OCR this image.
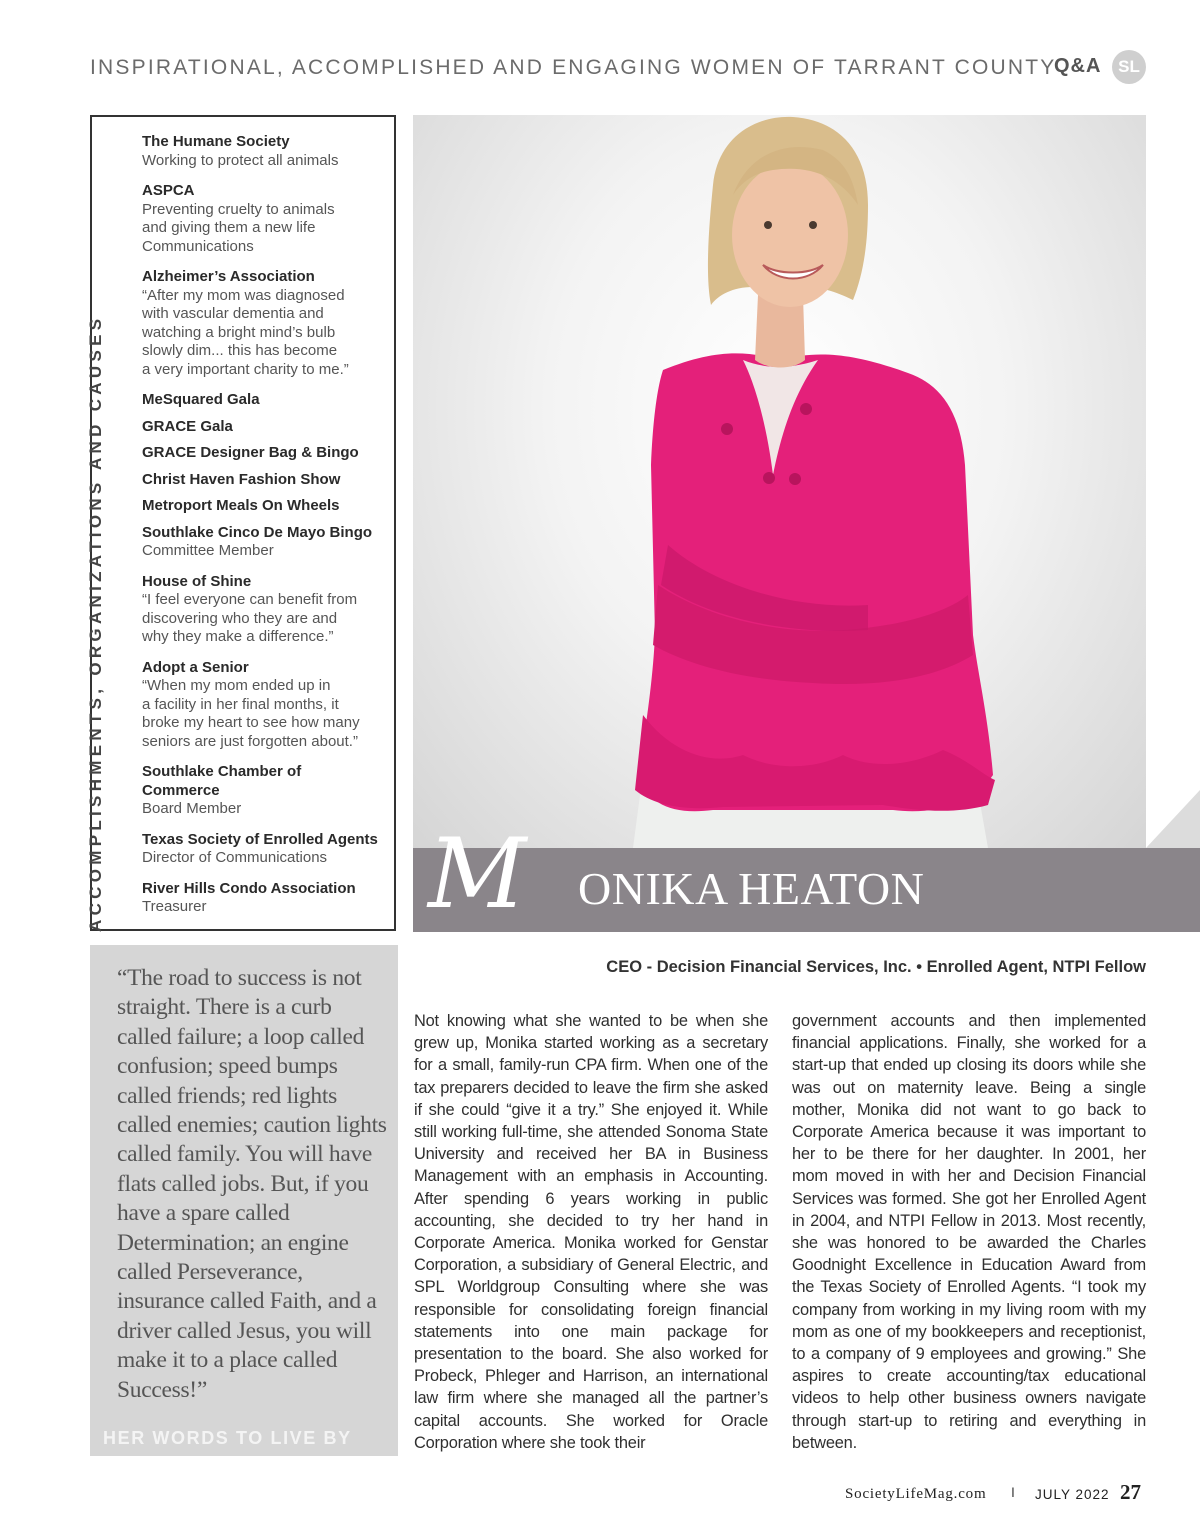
INSPIRATIONAL, ACCOMPLISHED AND ENGAGING WOMEN OF TARRANT COUNTY
Q&A SL
ACCOMPLISHMENTS, ORGANIZATIONS AND CAUSES
The Humane Society
Working to protect all animals
ASPCA
Preventing cruelty to animals
and giving them a new life
Communications
Alzheimer’s Association
“After my mom was diagnosed
with vascular dementia and
watching a bright mind’s bulb
slowly dim... this has become
a very important charity to me.”
MeSquared Gala
GRACE Gala
GRACE Designer Bag & Bingo
Christ Haven Fashion Show
Metroport Meals On Wheels
Southlake Cinco De Mayo Bingo
Committee Member
House of Shine
“I feel everyone can benefit from
discovering who they are and
why they make a difference.”
Adopt a Senior
“When my mom ended up in
a facility in her final months, it
broke my heart to see how many
seniors are just forgotten about.”
Southlake Chamber of Commerce
Board Member
Texas Society of Enrolled Agents
Director of Communications
River Hills Condo Association
Treasurer	M ONIKA HEATON
“The road to success is not straight. There is a curb called failure; a loop called confusion; speed bumps called friends; red lights called enemies; caution lights called family. You will have flats called jobs. But, if you have a spare called Determination; an engine called Perseverance, insurance called Faith, and a driver called Jesus, you will make it to a place called Success!”
HER WORDS TO LIVE BY
CEO - Decision Financial Services, Inc. • Enrolled Agent, NTPI Fellow
Not knowing what she wanted to be when she grew up, Monika started working as a secretary for a small, family-run CPA firm. When one of the tax preparers decided to leave the firm she asked if she could “give it a try.” She enjoyed it. While still working full-time, she attended Sonoma State University and received her BA in Business Management with an emphasis in Accounting. After spending 6 years working in public accounting, she decided to try her hand in Corporate America. Monika worked for Genstar Corporation, a subsidiary of General Electric, and SPL Worldgroup Consulting where she was responsible for consolidating foreign financial statements into one main package for presentation to the board. She also worked for Probeck, Phleger and Harrison, an international law firm where she managed all the partner’s capital accounts. She worked for Oracle Corporation where she took their
government accounts and then implemented financial applications. Finally, she worked for a start-up that ended up closing its doors while she was out on maternity leave. Being a single mother, Monika did not want to go back to Corporate America because it was important to her to be there for her daughter. In 2001, her mom moved in with her and Decision Financial Services was formed. She got her Enrolled Agent in 2004, and NTPI Fellow in 2013. Most recently, she was honored to be awarded the Charles Goodnight Excellence in Education Award from the Texas Society of Enrolled Agents. “I took my company from working in my living room with my mom as one of my bookkeepers and receptionist, to a company of 9 employees and growing.” She aspires to create accounting/tax educational videos to help other business owners navigate through start-up to retiring and everything in between.
SocietyLifeMag.com I JULY 2022 27
